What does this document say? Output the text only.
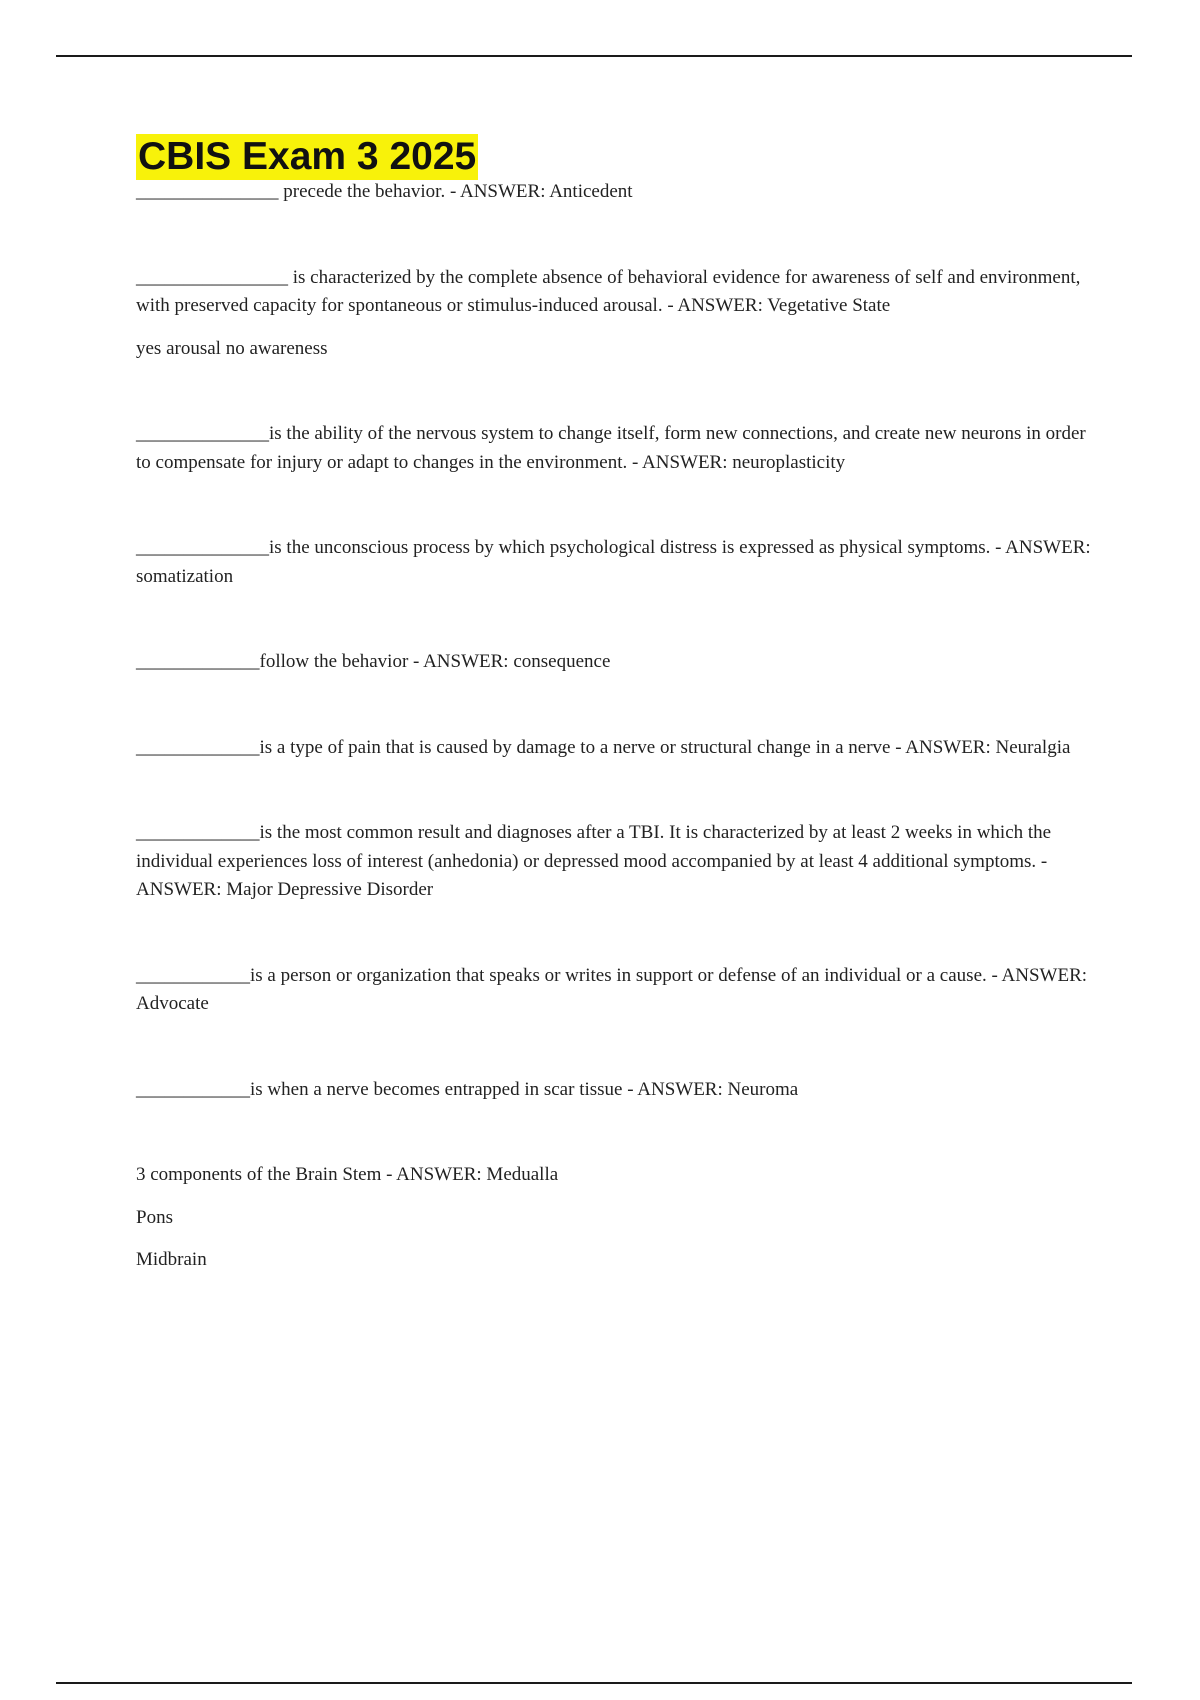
CBIS Exam 3 2025

_______________ precede the behavior. - ANSWER: Anticedent

________________ is characterized by the complete absence of behavioral evidence for awareness of self and environment, with preserved capacity for spontaneous or stimulus-induced arousal. - ANSWER: Vegetative State

yes arousal no awareness

______________is the ability of the nervous system to change itself, form new connections, and create new neurons in order to compensate for injury or adapt to changes in the environment. - ANSWER: neuroplasticity

______________is the unconscious process by which psychological distress is expressed as physical symptoms. - ANSWER: somatization

_____________follow the behavior - ANSWER: consequence

_____________is a type of pain that is caused by damage to a nerve or structural change in a nerve - ANSWER: Neuralgia

_____________is the most common result and diagnoses after a TBI. It is characterized by at least 2 weeks in which the individual experiences loss of interest (anhedonia) or depressed mood accompanied by at least 4 additional symptoms. - ANSWER: Major Depressive Disorder

____________is a person or organization that speaks or writes in support or defense of an individual or a cause. - ANSWER: Advocate

____________is when a nerve becomes entrapped in scar tissue - ANSWER: Neuroma

3 components of the Brain Stem - ANSWER: Medualla

Pons

Midbrain
